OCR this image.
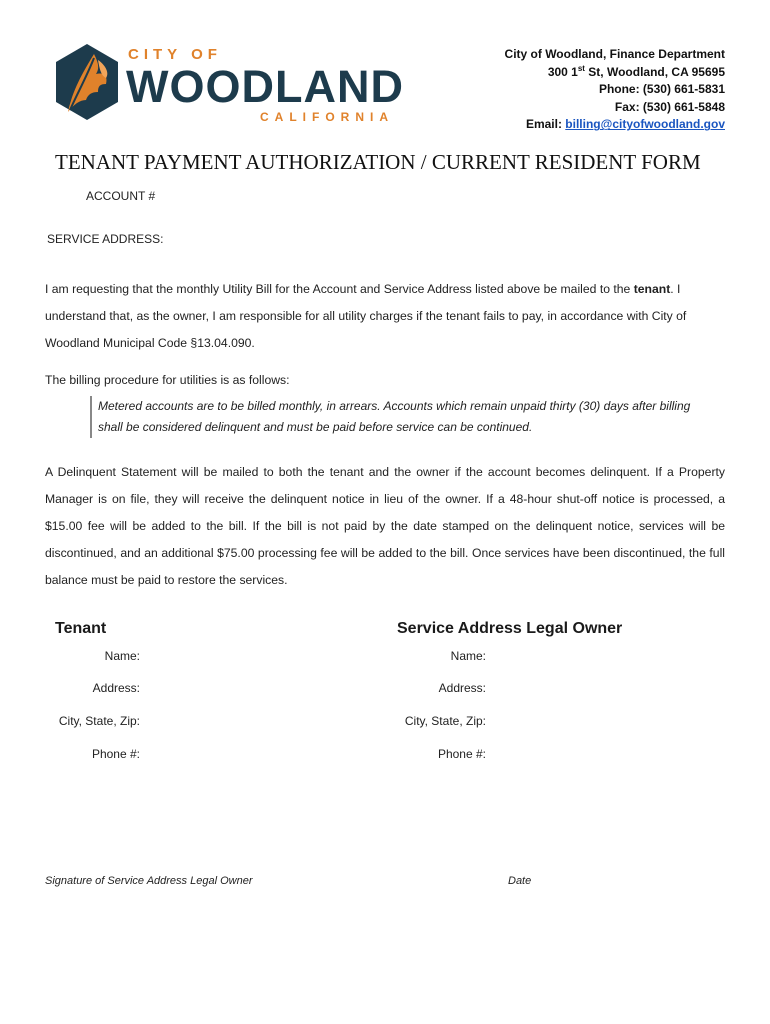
CITY OF
WOODLAND
CALIFORNIA
City of Woodland, Finance Department
300 1st St, Woodland, CA 95695
Phone: (530) 661-5831
Fax: (530) 661-5848
Email: billing@cityofwoodland.gov
TENANT PAYMENT AUTHORIZATION / CURRENT RESIDENT FORM
ACCOUNT #
SERVICE ADDRESS:
I am requesting that the monthly Utility Bill for the Account and Service Address listed above be mailed to the tenant. I understand that, as the owner, I am responsible for all utility charges if the tenant fails to pay, in accordance with City of Woodland Municipal Code §13.04.090.
The billing procedure for utilities is as follows:
Metered accounts are to be billed monthly, in arrears. Accounts which remain unpaid thirty (30) days after billing shall be considered delinquent and must be paid before service can be continued.
A Delinquent Statement will be mailed to both the tenant and the owner if the account becomes delinquent. If a Property Manager is on file, they will receive the delinquent notice in lieu of the owner. If a 48-hour shut-off notice is processed, a $15.00 fee will be added to the bill. If the bill is not paid by the date stamped on the delinquent notice, services will be discontinued, and an additional $75.00 processing fee will be added to the bill. Once services have been discontinued, the full balance must be paid to restore the services.
Tenant
Name:
Address:
City, State, Zip:
Phone #:
Service Address Legal Owner
Name:
Address:
City, State, Zip:
Phone #:
Signature of Service Address Legal Owner	Date
